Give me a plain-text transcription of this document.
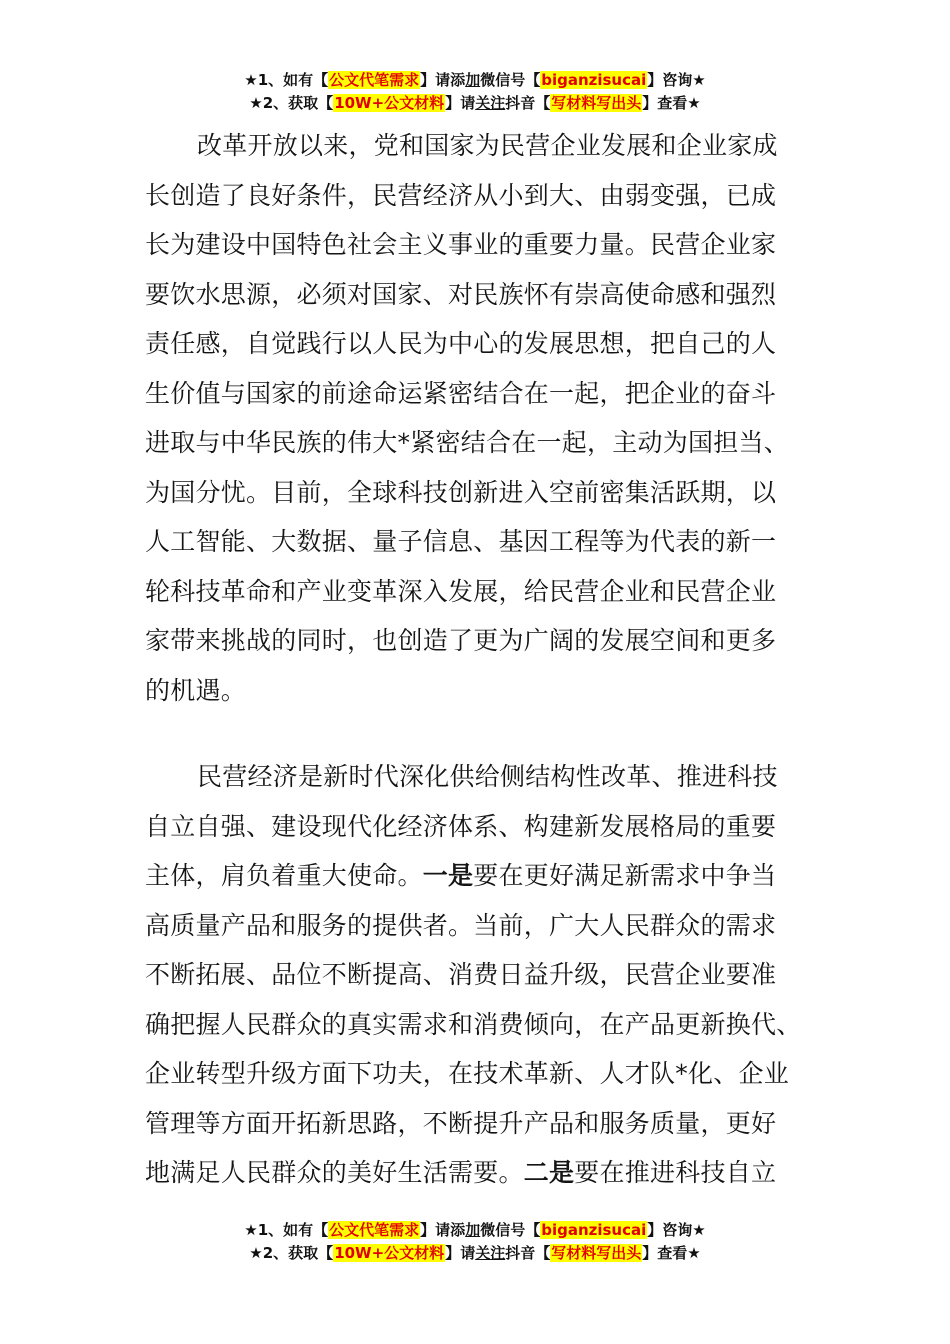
★1、如有【公文代笔需求】请添加微信号【biganzisucai】咨询★
★2、获取【10W+公文材料】请关注抖音【写材料写出头】查看★
改革开放以来，党和国家为民营企业发展和企业家成
长创造了良好条件，民营经济从小到大、由弱变强，已成
长为建设中国特色社会主义事业的重要力量。民营企业家
要饮水思源，必须对国家、对民族怀有崇高使命感和强烈
责任感，自觉践行以人民为中心的发展思想，把自己的人
生价值与国家的前途命运紧密结合在一起，把企业的奋斗
进取与中华民族的伟大*紧密结合在一起，主动为国担当、
为国分忧。目前，全球科技创新进入空前密集活跃期，以
人工智能、大数据、量子信息、基因工程等为代表的新一
轮科技革命和产业变革深入发展，给民营企业和民营企业
家带来挑战的同时，也创造了更为广阔的发展空间和更多
的机遇。
民营经济是新时代深化供给侧结构性改革、推进科技
自立自强、建设现代化经济体系、构建新发展格局的重要
主体，肩负着重大使命。一是要在更好满足新需求中争当
高质量产品和服务的提供者。当前，广大人民群众的需求
不断拓展、品位不断提高、消费日益升级，民营企业要准
确把握人民群众的真实需求和消费倾向，在产品更新换代、
企业转型升级方面下功夫，在技术革新、人才队*化、企业
管理等方面开拓新思路，不断提升产品和服务质量，更好
地满足人民群众的美好生活需要。二是要在推进科技自立
★1、如有【公文代笔需求】请添加微信号【biganzisucai】咨询★
★2、获取【10W+公文材料】请关注抖音【写材料写出头】查看★
